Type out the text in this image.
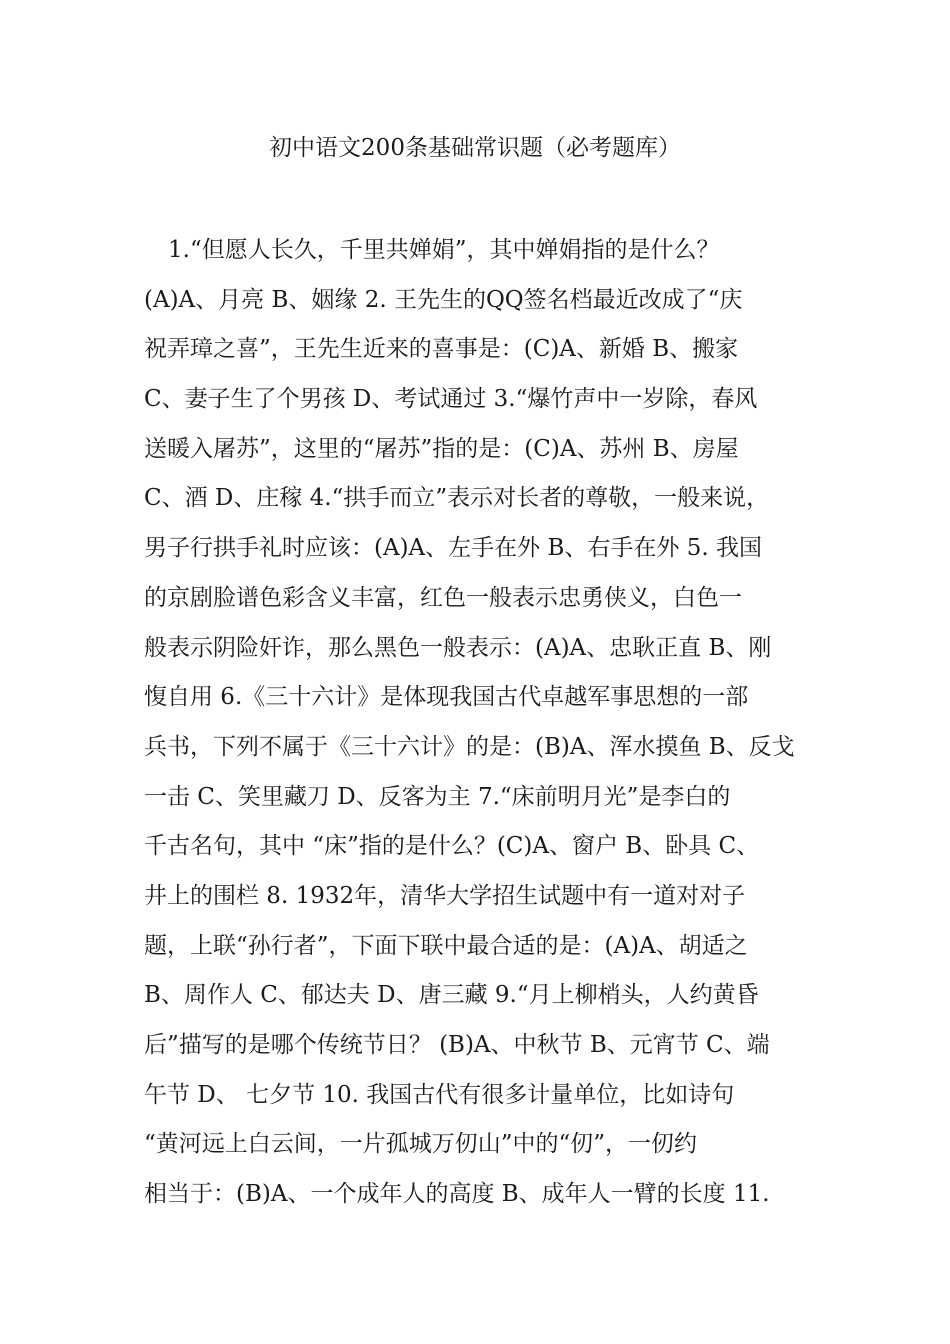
初中语文200条基础常识题（必考题库）
1.“但愿人长久，千里共婵娟”，其中婵娟指的是什么？
(A)A、月亮 B、姻缘 2. 王先生的QQ签名档最近改成了“庆
祝弄璋之喜”，王先生近来的喜事是：(C)A、新婚 B、搬家
C、妻子生了个男孩 D、考试通过 3.“爆竹声中一岁除，春风
送暖入屠苏”，这里的“屠苏”指的是：(C)A、苏州 B、房屋
C、酒 D、庄稼 4.“拱手而立”表示对长者的尊敬，一般来说，
男子行拱手礼时应该：(A)A、左手在外 B、右手在外 5. 我国
的京剧脸谱色彩含义丰富，红色一般表示忠勇侠义，白色一
般表示阴险奸诈，那么黑色一般表示：(A)A、忠耿正直 B、刚
愎自用 6.《三十六计》是体现我国古代卓越军事思想的一部
兵书，下列不属于《三十六计》的是：(B)A、浑水摸鱼 B、反戈
一击 C、笑里藏刀 D、反客为主 7.“床前明月光”是李白的
千古名句，其中 “床”指的是什么？(C)A、窗户 B、卧具 C、
井上的围栏 8. 1932年，清华大学招生试题中有一道对对子
题，上联“孙行者”，下面下联中最合适的是：(A)A、胡适之
B、周作人 C、郁达夫 D、唐三藏 9.“月上柳梢头，人约黄昏
后”描写的是哪个传统节日？ (B)A、中秋节 B、元宵节 C、端
午节 D、 七夕节 10. 我国古代有很多计量单位，比如诗句
“黄河远上白云间，一片孤城万仞山”中的“仞”，一仞约
相当于：(B)A、一个成年人的高度 B、成年人一臂的长度 11.
